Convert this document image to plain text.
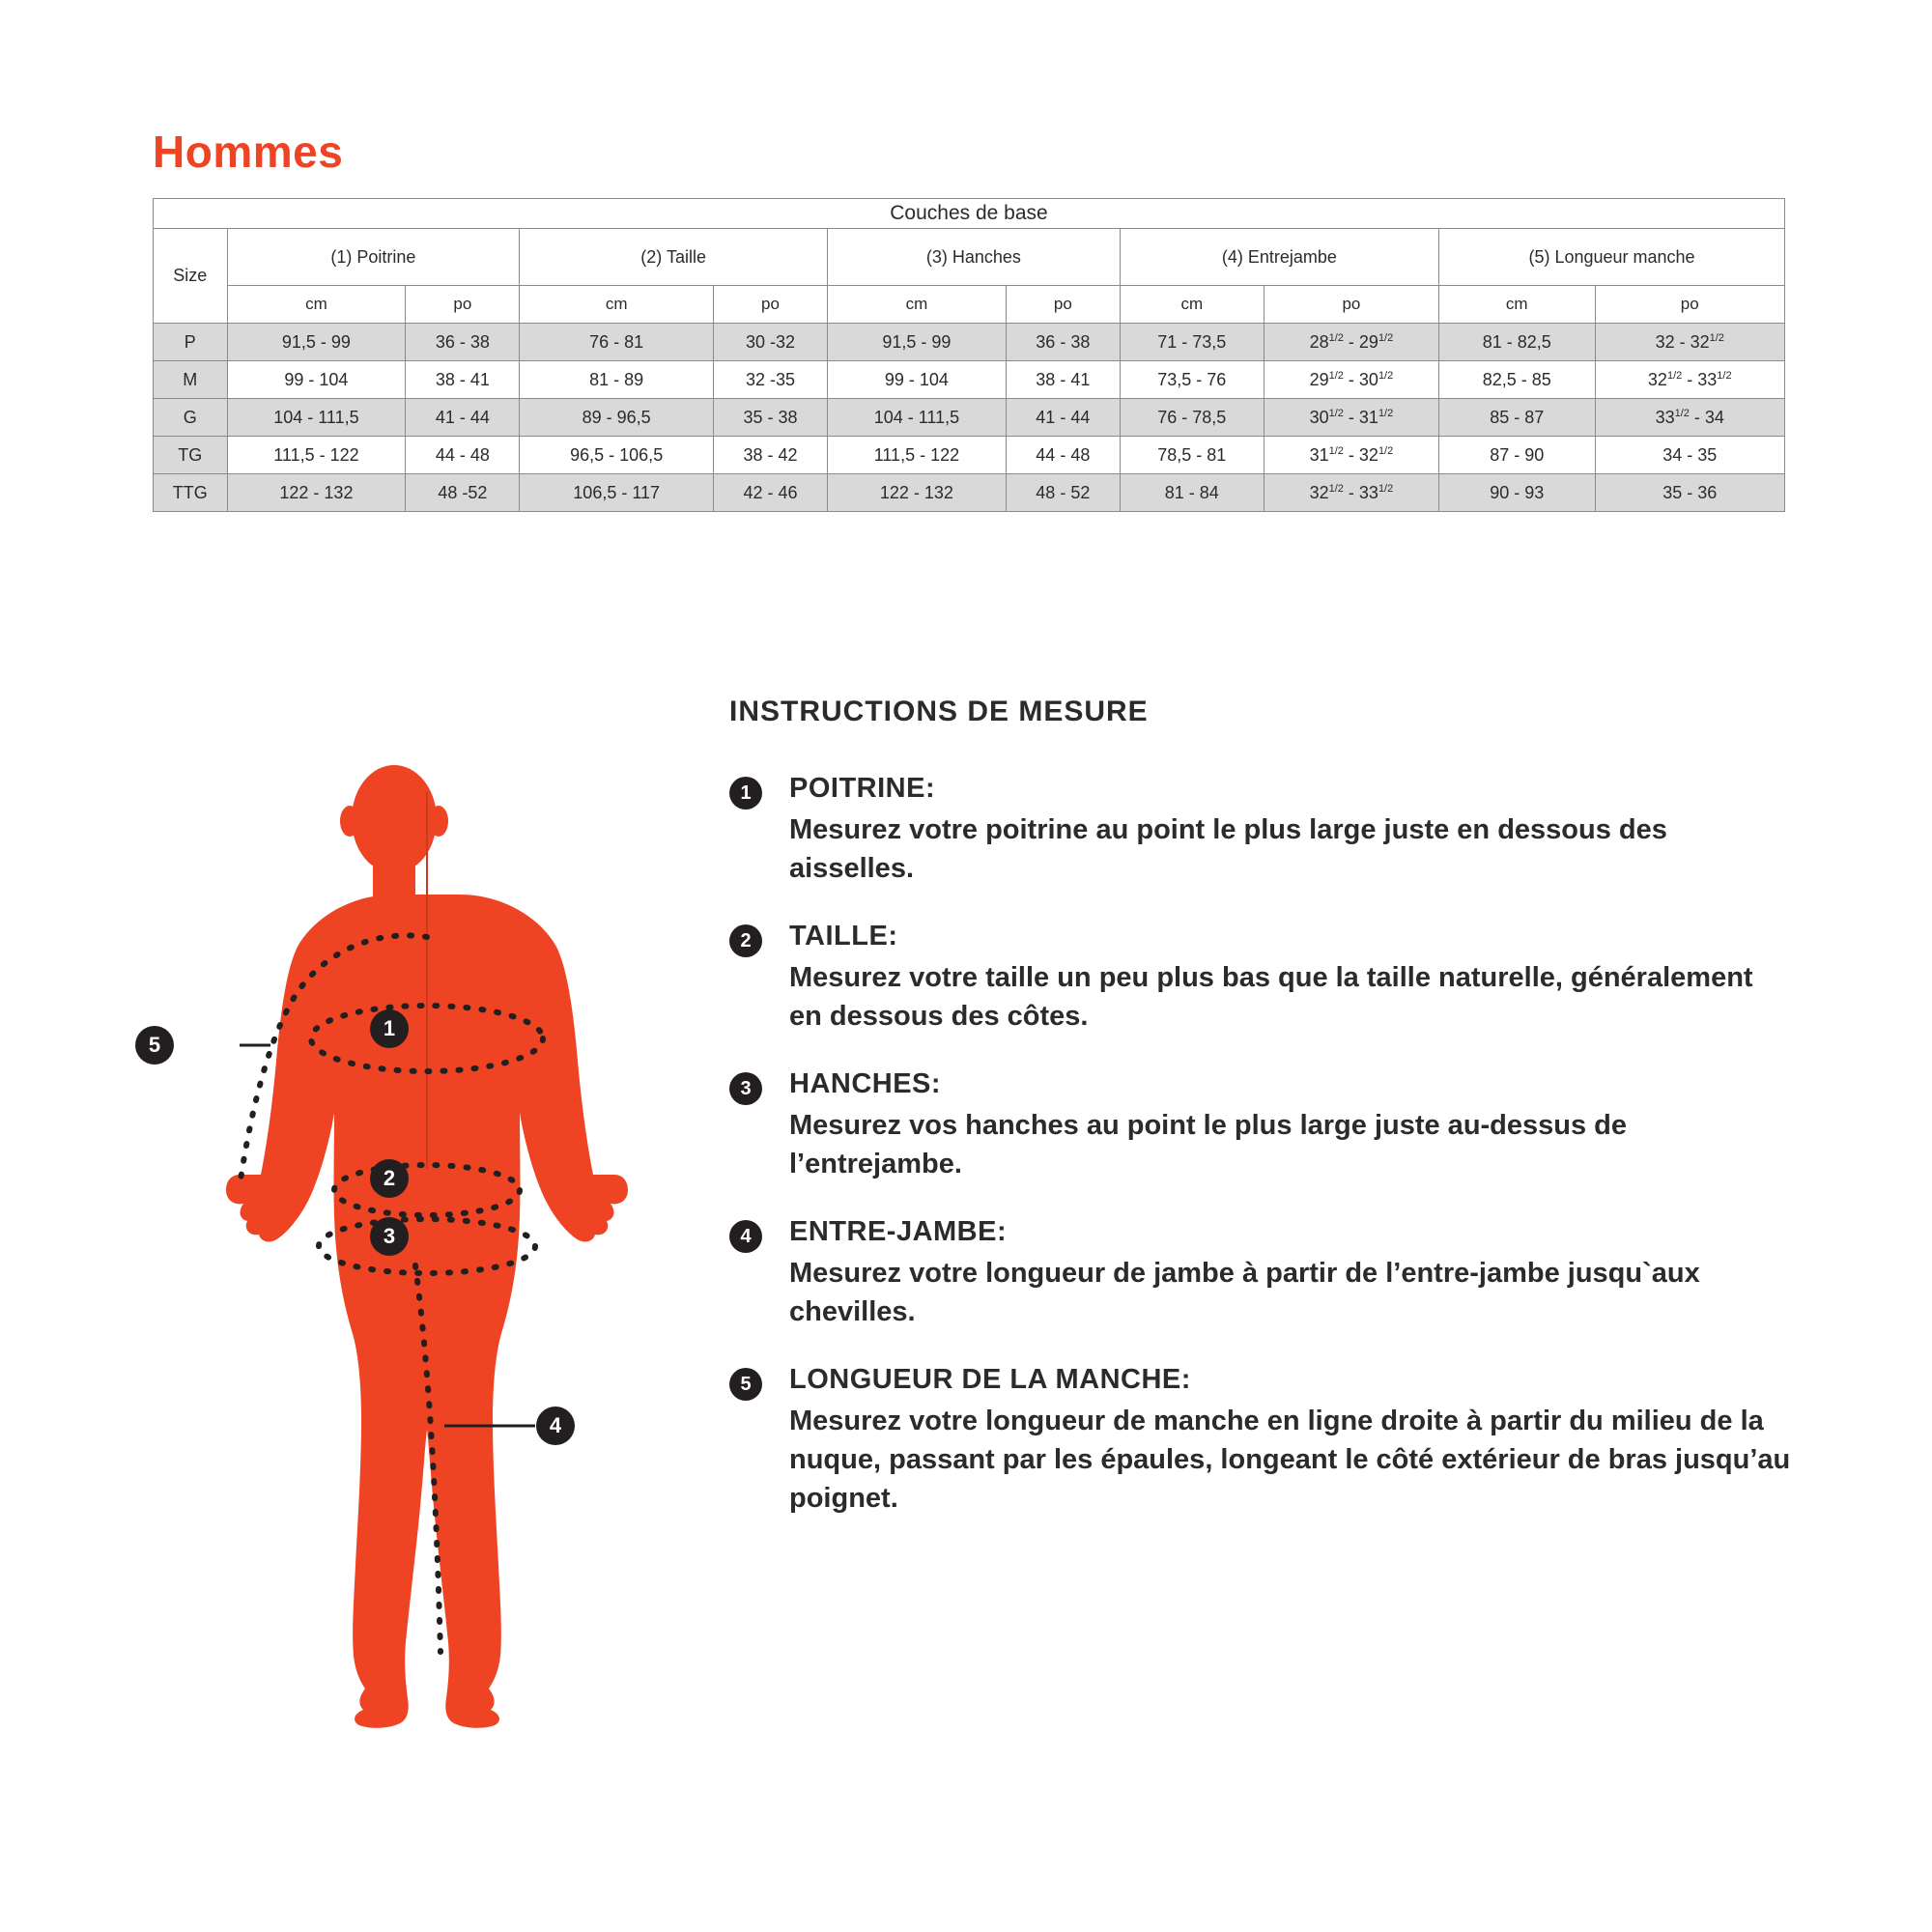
Hommes
Couches de base										
Size	(1) Poitrine		(2) Taille		(3) Hanches		(4) Entrejambe		(5) Longueur manche	
	cm	po	cm	po	cm	po	cm	po	cm	po
P	91,5 - 99	36 - 38	76 - 81	30 -32	91,5 - 99	36 - 38	71 - 73,5	$28^{1/2} - 29^{1/2}$	81 - 82,5	$32 - 32^{1/2}$
M	99 - 104	38 - 41	81 - 89	32 -35	99 - 104	38 - 41	73,5 - 76	$29^{1/2} - 30^{1/2}$	82,5 - 85	$32^{1/2} - 33^{1/2}$
G	104 - 111,5	41 - 44	89 - 96,5	35 - 38	104 - 111,5	41 - 44	76 - 78,5	$30^{1/2} - 31^{1/2}$	85 - 87	$33^{1/2} - 34$
TG	111,5 - 122	44 - 48	96,5 - 106,5	38 - 42	111,5 - 122	44 - 48	78,5 - 81	$31^{1/2} - 32^{1/2}$	87 - 90	34 - 35
TTG	122 - 132	48 -52	106,5 - 117	42 - 46	122 - 132	48 - 52	81 - 84	$32^{1/2} - 33^{1/2}$	90 - 93	35 - 36
1
2
3
4
5
INSTRUCTIONS DE MESURE
1	POITRINE:
Mesurez votre poitrine au point le plus large juste en dessous des aisselles.
2	TAILLE:
Mesurez votre taille un peu plus bas que la taille naturelle, généralement en dessous des côtes.
3	HANCHES:
Mesurez vos hanches au point le plus large juste au-dessus de l’entrejambe.
4	ENTRE-JAMBE:
Mesurez votre longueur de jambe à partir de l’entre-jambe jusqu`aux chevilles.
5	LONGUEUR DE LA MANCHE:
Mesurez votre longueur de manche en ligne droite à partir du milieu de la nuque, passant par les épaules, longeant le côté extérieur de bras jusqu’au poignet.
